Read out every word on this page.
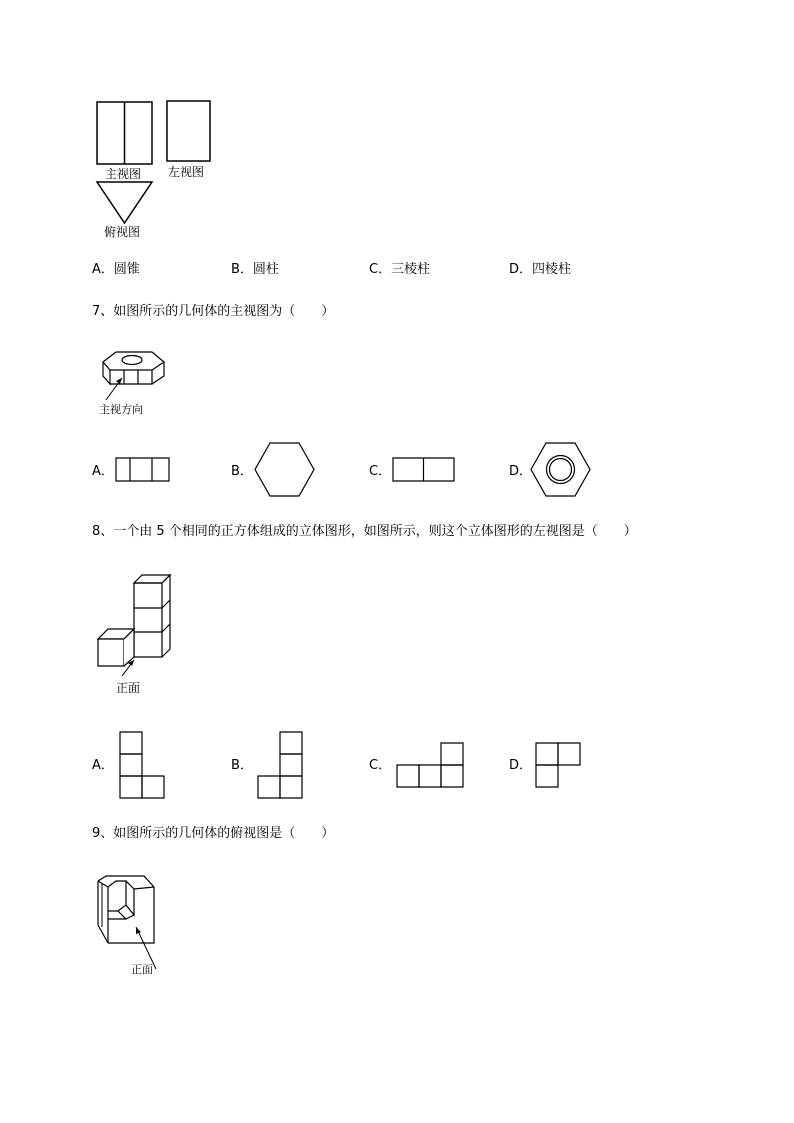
主视图 左视图
俯视图
A．圆锥	B．圆柱	C．三棱柱	D．四棱柱
7、如图所示的几何体的主视图为（　　）
主视方向
A．	B．	C．	D．
8、一个由 5 个相同的正方体组成的立体图形，如图所示，则这个立体图形的左视图是（　　）
正面
A．	B．	C．	D．
9、如图所示的几何体的俯视图是（　　）
正面
